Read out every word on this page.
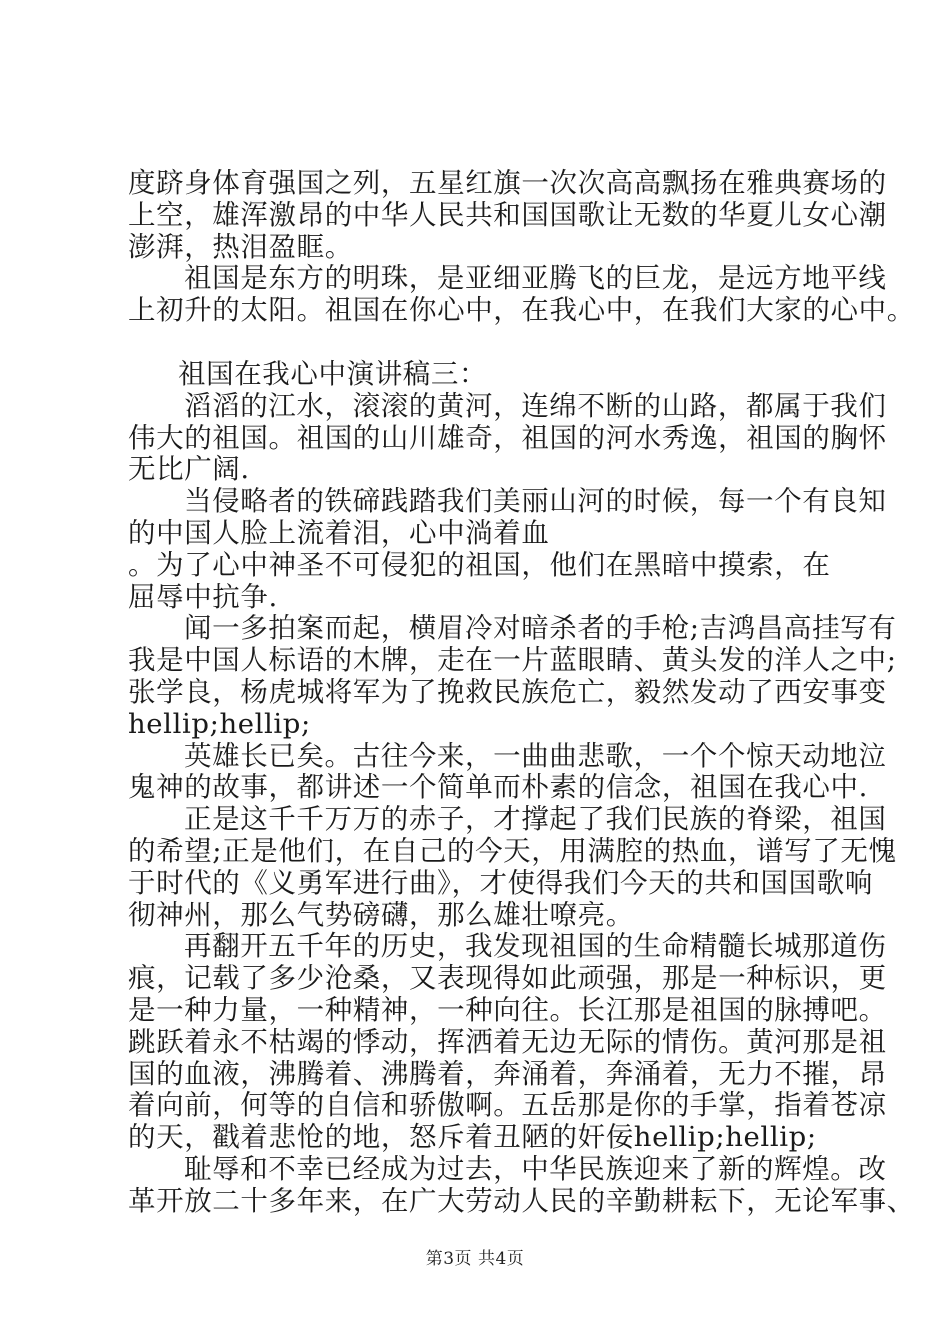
度跻身体育强国之列，五星红旗一次次高高飘扬在雅典赛场的
上空，雄浑激昂的中华人民共和国国歌让无数的华夏儿女心潮
澎湃，热泪盈眶。
祖国是东方的明珠，是亚细亚腾飞的巨龙，是远方地平线
上初升的太阳。祖国在你心中，在我心中，在我们大家的心中。
祖国在我心中演讲稿三：
滔滔的江水，滚滚的黄河，连绵不断的山路，都属于我们
伟大的祖国。祖国的山川雄奇，祖国的河水秀逸，祖国的胸怀
无比广阔.
当侵略者的铁碲践踏我们美丽山河的时候，每一个有良知
的中国人脸上流着泪，心中淌着血
。为了心中神圣不可侵犯的祖国，他们在黑暗中摸索，在
屈辱中抗争.
闻一多拍案而起，横眉冷对暗杀者的手枪;吉鸿昌高挂写有
我是中国人标语的木牌，走在一片蓝眼睛、黄头发的洋人之中;
张学良，杨虎城将军为了挽救民族危亡，毅然发动了西安事变
hellip;hellip;
英雄长已矣。古往今来，一曲曲悲歌，一个个惊天动地泣
鬼神的故事，都讲述一个简单而朴素的信念，祖国在我心中.
正是这千千万万的赤子，才撑起了我们民族的脊梁，祖国
的希望;正是他们，在自己的今天，用满腔的热血，谱写了无愧
于时代的《义勇军进行曲》，才使得我们今天的共和国国歌响
彻神州，那么气势磅礴，那么雄壮嘹亮。
再翻开五千年的历史，我发现祖国的生命精髓长城那道伤
痕，记载了多少沧桑，又表现得如此顽强，那是一种标识，更
是一种力量，一种精神，一种向往。长江那是祖国的脉搏吧。
跳跃着永不枯竭的悸动，挥洒着无边无际的情伤。黄河那是祖
国的血液，沸腾着、沸腾着，奔涌着，奔涌着，无力不摧，昂
着向前，何等的自信和骄傲啊。五岳那是你的手掌，指着苍凉
的天，戳着悲怆的地，怒斥着丑陋的奸佞hellip;hellip;
耻辱和不幸已经成为过去，中华民族迎来了新的辉煌。改
革开放二十多年来，在广大劳动人民的辛勤耕耘下，无论军事、
第3页 共4页
